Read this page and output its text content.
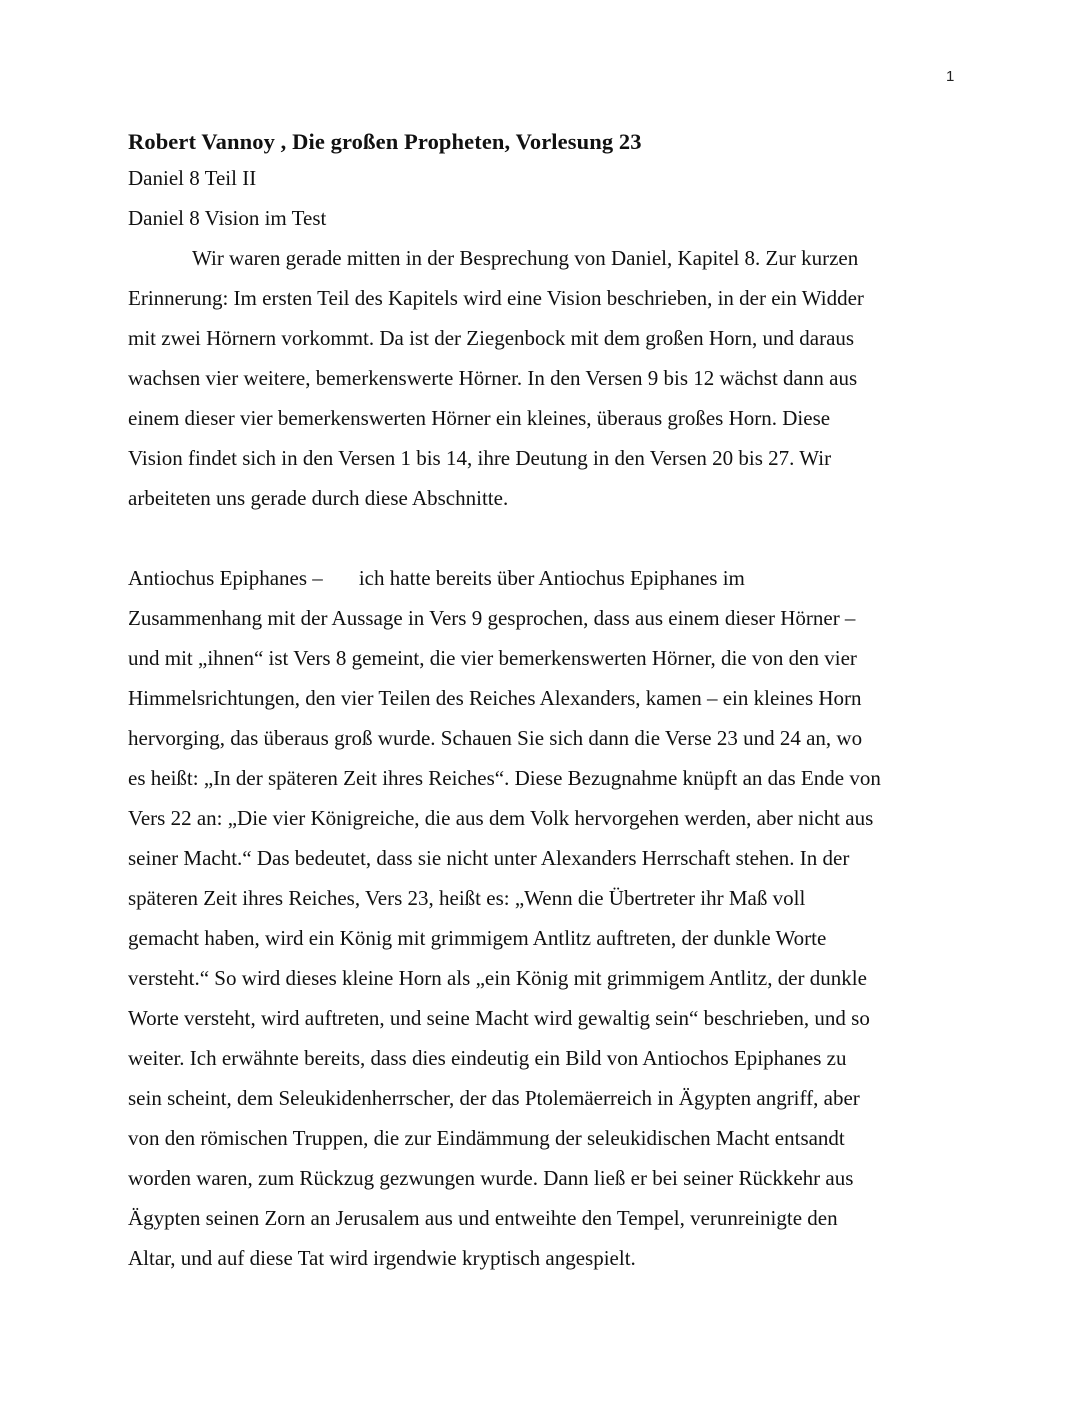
1
Robert Vannoy , Die großen Propheten, Vorlesung 23

Daniel 8 Teil II

Daniel 8 Vision im Test

Wir waren gerade mitten in der Besprechung von Daniel, Kapitel 8. Zur kurzen
Erinnerung: Im ersten Teil des Kapitels wird eine Vision beschrieben, in der ein Widder
mit zwei Hörnern vorkommt. Da ist der Ziegenbock mit dem großen Horn, und daraus
wachsen vier weitere, bemerkenswerte Hörner. In den Versen 9 bis 12 wächst dann aus
einem dieser vier bemerkenswerten Hörner ein kleines, überaus großes Horn. Diese
Vision findet sich in den Versen 1 bis 14, ihre Deutung in den Versen 20 bis 27. Wir
arbeiteten uns gerade durch diese Abschnitte.

Antiochus Epiphanes – ich hatte bereits über Antiochus Epiphanes im
Zusammenhang mit der Aussage in Vers 9 gesprochen, dass aus einem dieser Hörner –
und mit „ihnen“ ist Vers 8 gemeint, die vier bemerkenswerten Hörner, die von den vier
Himmelsrichtungen, den vier Teilen des Reiches Alexanders, kamen – ein kleines Horn
hervorging, das überaus groß wurde. Schauen Sie sich dann die Verse 23 und 24 an, wo
es heißt: „In der späteren Zeit ihres Reiches“. Diese Bezugnahme knüpft an das Ende von
Vers 22 an: „Die vier Königreiche, die aus dem Volk hervorgehen werden, aber nicht aus
seiner Macht.“ Das bedeutet, dass sie nicht unter Alexanders Herrschaft stehen. In der
späteren Zeit ihres Reiches, Vers 23, heißt es: „Wenn die Übertreter ihr Maß voll
gemacht haben, wird ein König mit grimmigem Antlitz auftreten, der dunkle Worte
versteht.“ So wird dieses kleine Horn als „ein König mit grimmigem Antlitz, der dunkle
Worte versteht, wird auftreten, und seine Macht wird gewaltig sein“ beschrieben, und so
weiter. Ich erwähnte bereits, dass dies eindeutig ein Bild von Antiochos Epiphanes zu
sein scheint, dem Seleukidenherrscher, der das Ptolemäerreich in Ägypten angriff, aber
von den römischen Truppen, die zur Eindämmung der seleukidischen Macht entsandt
worden waren, zum Rückzug gezwungen wurde. Dann ließ er bei seiner Rückkehr aus
Ägypten seinen Zorn an Jerusalem aus und entweihte den Tempel, verunreinigte den
Altar, und auf diese Tat wird irgendwie kryptisch angespielt.
